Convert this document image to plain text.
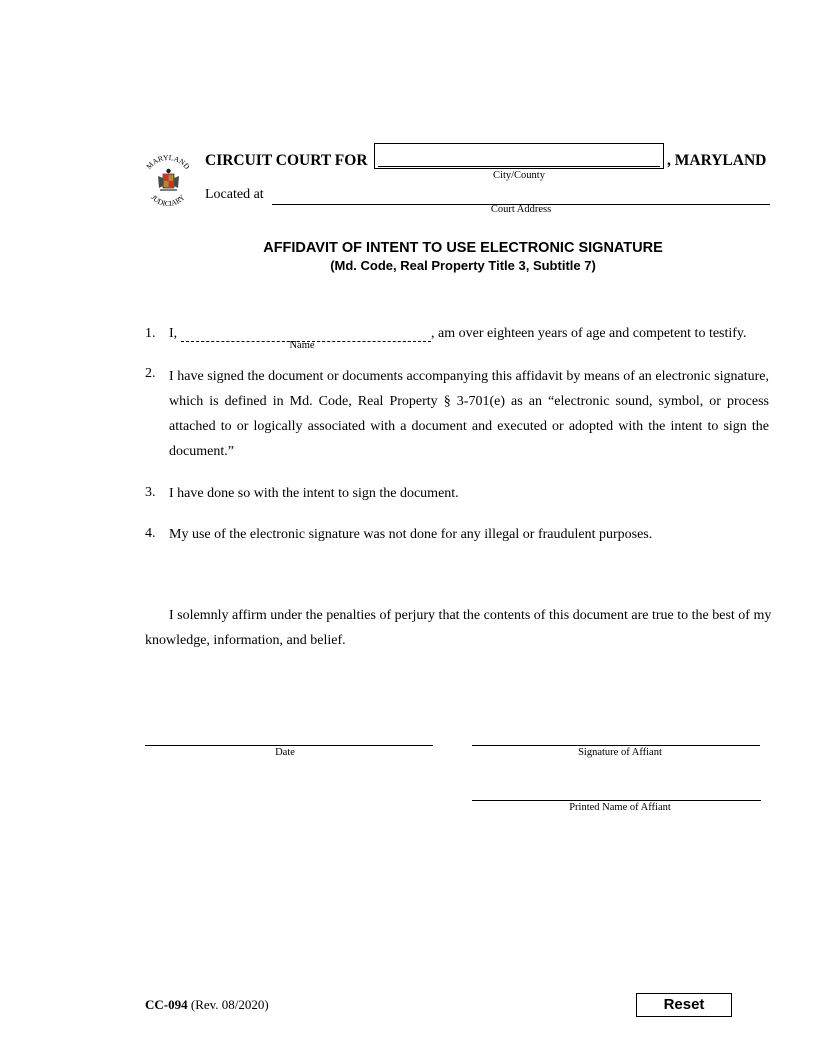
MARYLAND
JUDICIARY
CIRCUIT COURT FOR
City/County
, MARYLAND
Located at
Court Address
AFFIDAVIT OF INTENT TO USE ELECTRONIC SIGNATURE
(Md. Code, Real Property Title 3, Subtitle 7)
1. I,	, am over eighteen years of age and competent to testify.
Name
2. I have signed the document or documents accompanying this affidavit by means of an electronic signature, which is defined in Md. Code, Real Property § 3-701(e) as an “electronic sound, symbol, or process attached to or logically associated with a document and executed or adopted with the intent to sign the document.”
3. I have done so with the intent to sign the document.
4. My use of the electronic signature was not done for any illegal or fraudulent purposes.
I solemnly affirm under the penalties of perjury that the contents of this document are true to the best of my knowledge, information, and belief.
Date	Signature of Affiant
Printed Name of Affiant
CC-094 (Rev. 08/2020)	Reset
